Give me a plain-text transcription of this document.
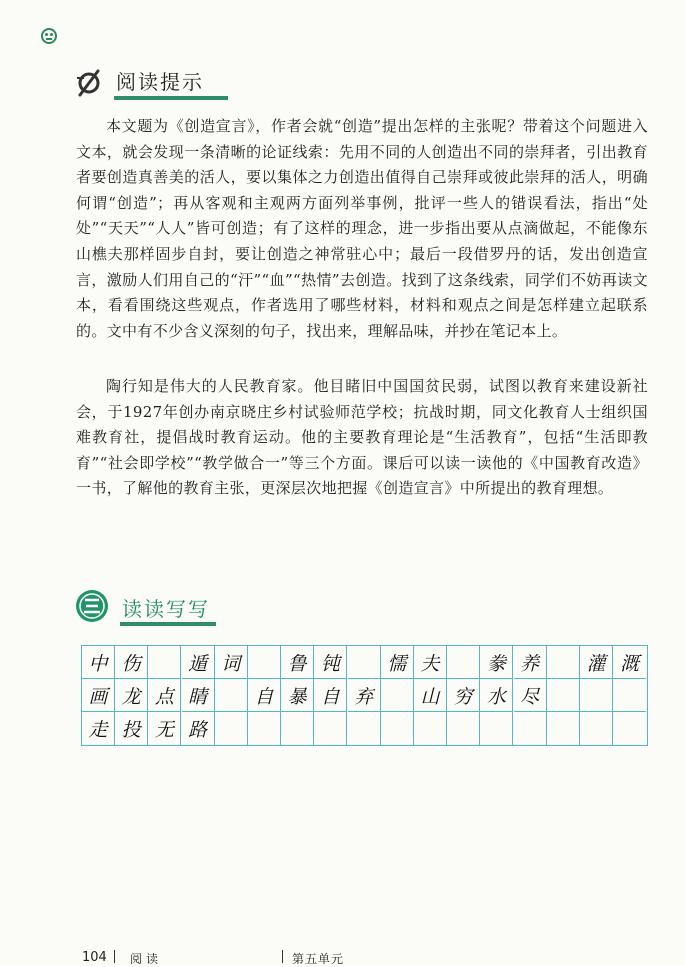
阅读提示

本文题为《创造宣言》，作者会就“创造”提出怎样的主张呢？带着这个问题进入文本，就会发现一条清晰的论证线索：先用不同的人创造出不同的崇拜者，引出教育者要创造真善美的活人，要以集体之力创造出值得自己崇拜或彼此崇拜的活人，明确何谓“创造”；再从客观和主观两方面列举事例，批评一些人的错误看法，指出“处处”“天天”“人人”皆可创造；有了这样的理念，进一步指出要从点滴做起，不能像东山樵夫那样固步自封，要让创造之神常驻心中；最后一段借罗丹的话，发出创造宣言，激励人们用自己的“汗”“血”“热情”去创造。找到了这条线索，同学们不妨再读文本，看看围绕这些观点，作者选用了哪些材料，材料和观点之间是怎样建立起联系的。文中有不少含义深刻的句子，找出来，理解品味，并抄在笔记本上。

陶行知是伟大的人民教育家。他目睹旧中国国贫民弱，试图以教育来建设新社会，于1927年创办南京晓庄乡村试验师范学校；抗战时期，同文化教育人士组织国难教育社，提倡战时教育运动。他的主要教育理论是“生活教育”，包括“生活即教育”“社会即学校”“教学做合一”等三个方面。课后可以读一读他的《中国教育改造》一书，了解他的教育主张，更深层次地把握《创造宣言》中所提出的教育理想。

读读写写
中 伤	遁 词	鲁 钝	懦 夫	豢 养	灌 溉
画 龙 点 睛	自 暴 自 弃	山 穷 水 尽
走 投 无 路
104 阅读	第五单元
